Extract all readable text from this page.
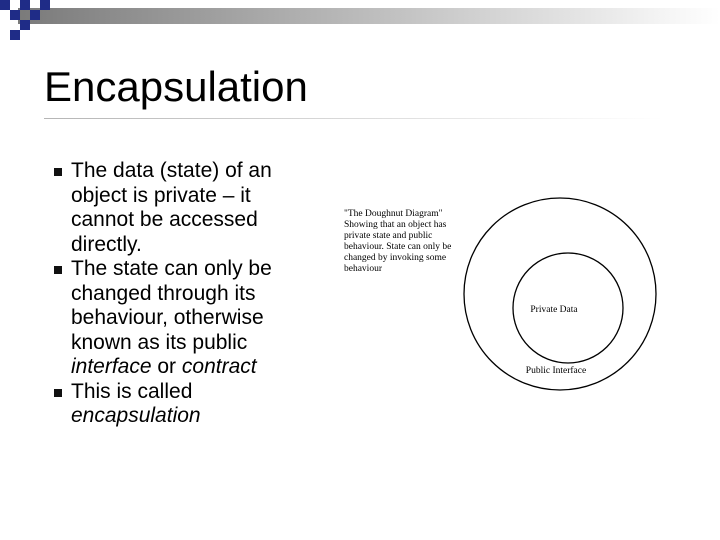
Encapsulation
The data (state) of an object is private – it cannot be accessed directly.
The state can only be changed through its behaviour, otherwise known as its public interface or contract
This is called encapsulation
"The Doughnut Diagram" Showing that an object has private state and public behaviour. State can only be changed by invoking some behaviour
Private Data
Public Interface
